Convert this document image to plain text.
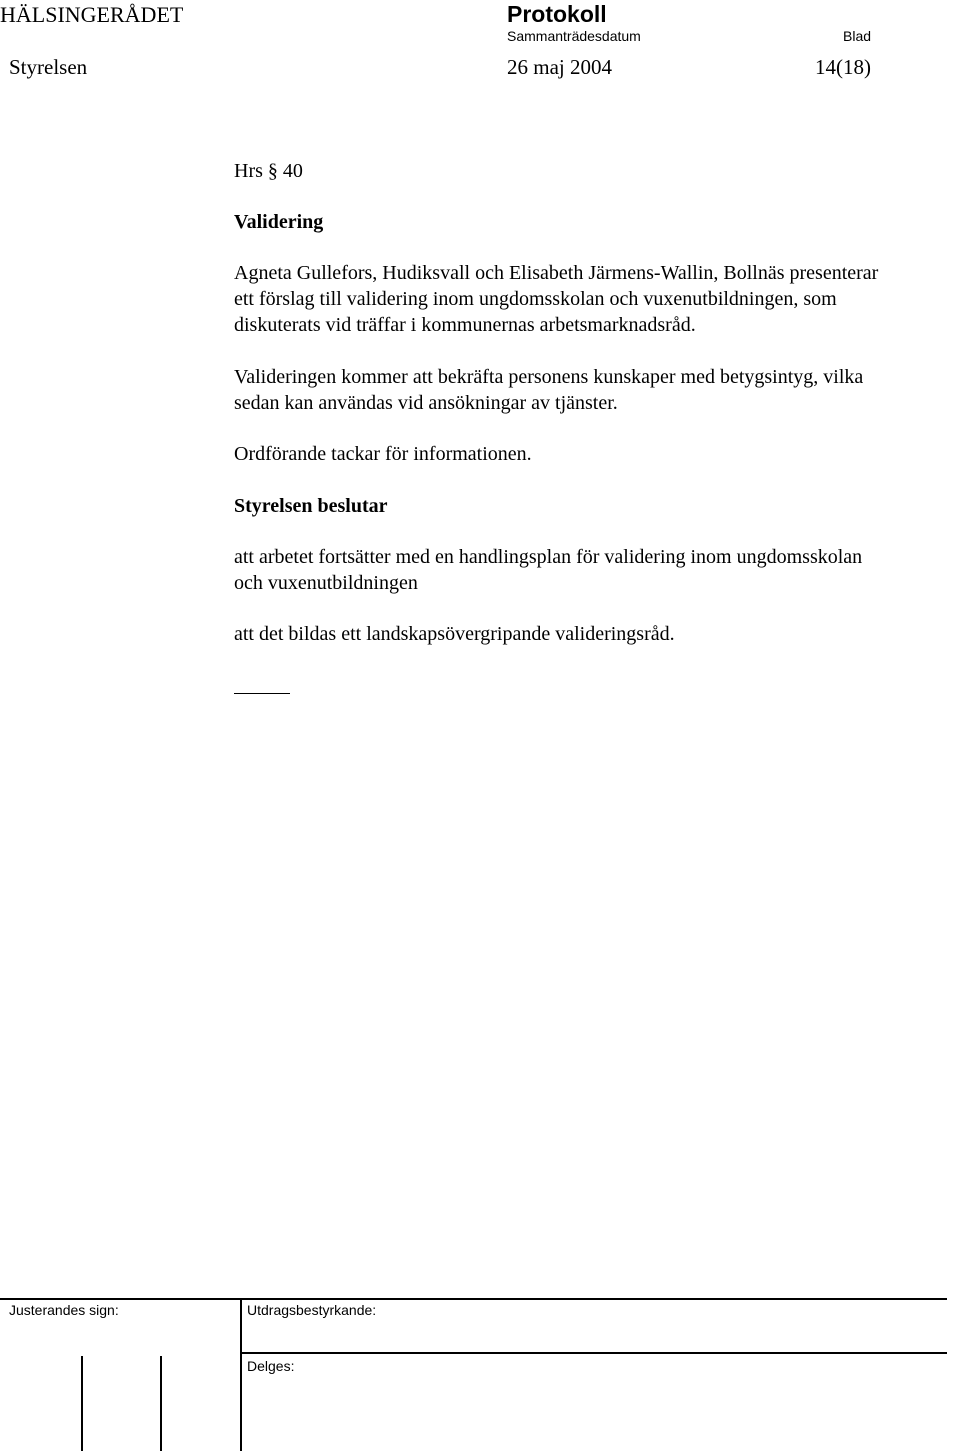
HÄLSINGERÅDET	Protokoll
Sammanträdesdatum	Blad
Styrelsen	26 maj 2004	14(18)
Hrs § 40
Validering

Agneta Gullefors, Hudiksvall och Elisabeth Järmens-Wallin, Bollnäs presenterar

ett förslag till validering inom ungdomsskolan och vuxenutbildningen, som

diskuterats vid träffar i kommunernas arbetsmarknadsråd.

Valideringen kommer att bekräfta personens kunskaper med betygsintyg, vilka

sedan kan användas vid ansökningar av tjänster.

Ordförande tackar för informationen.

Styrelsen beslutar

att arbetet fortsätter med en handlingsplan för validering inom ungdomsskolan

och vuxenutbildningen

att det bildas ett landskapsövergripande valideringsråd.

Justerandes sign:	Utdragsbestyrkande:
Delges:
